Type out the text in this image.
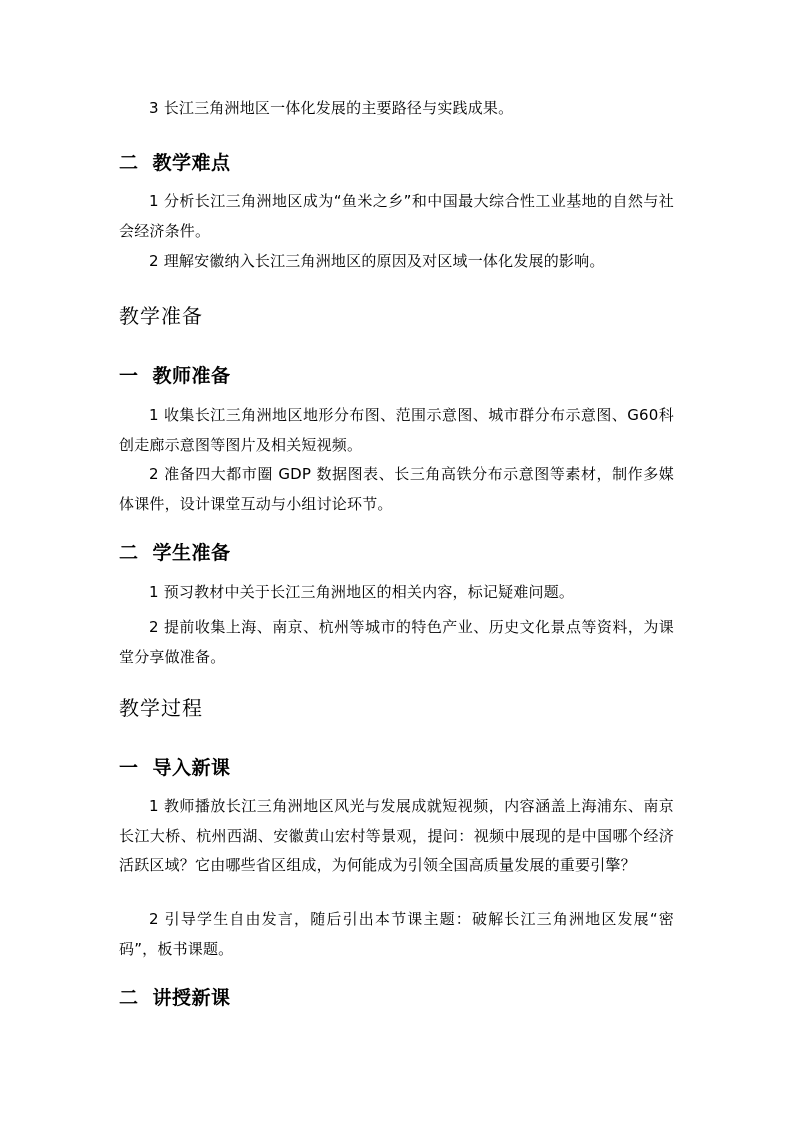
3 长江三角洲地区一体化发展的主要路径与实践成果。

二 教学难点

1 分析长江三角洲地区成为“鱼米之乡”和中国最大综合性工业基地的自然与社会经济条件。

2 理解安徽纳入长江三角洲地区的原因及对区域一体化发展的影响。

教学准备
一 教师准备

1 收集长江三角洲地区地形分布图、范围示意图、城市群分布示意图、G60科创走廊示意图等图片及相关短视频。

2 准备四大都市圈 GDP 数据图表、长三角高铁分布示意图等素材，制作多媒体课件，设计课堂互动与小组讨论环节。

二 学生准备

1 预习教材中关于长江三角洲地区的相关内容，标记疑难问题。

2 提前收集上海、南京、杭州等城市的特色产业、历史文化景点等资料，为课堂分享做准备。

教学过程
一 导入新课

1 教师播放长江三角洲地区风光与发展成就短视频，内容涵盖上海浦东、南京长江大桥、杭州西湖、安徽黄山宏村等景观，提问：视频中展现的是中国哪个经济活跃区域？它由哪些省区组成，为何能成为引领全国高质量发展的重要引擎？

2 引导学生自由发言，随后引出本节课主题：破解长江三角洲地区发展“密码”，板书课题。

二 讲授新课
